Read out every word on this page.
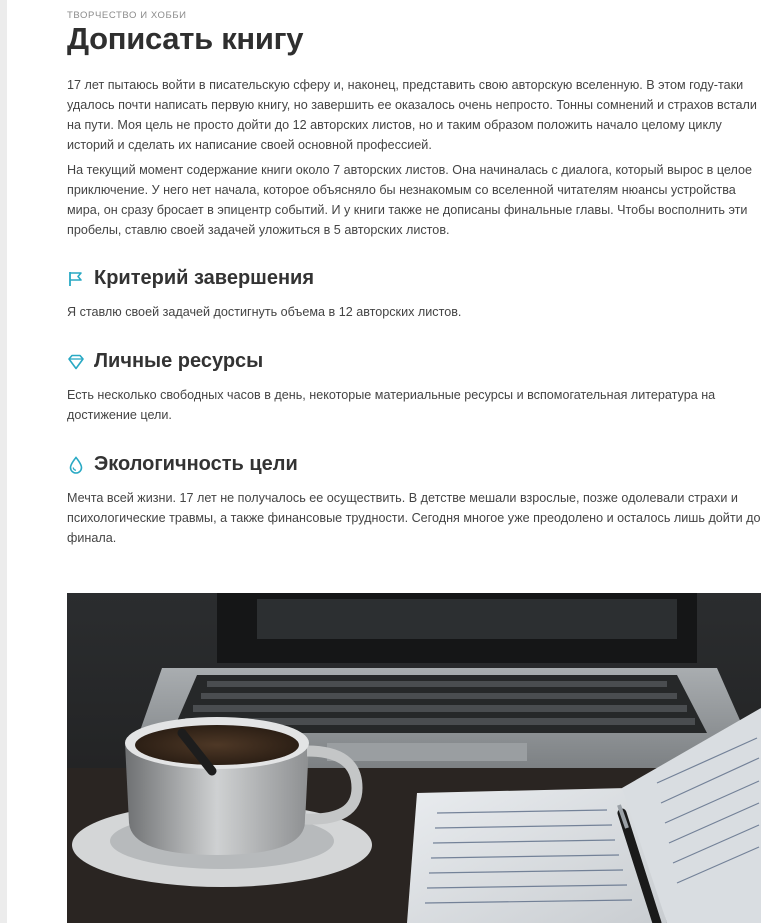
ТВОРЧЕСТВО И ХОББИ
Дописать книгу
17 лет пытаюсь войти в писательскую сферу и, наконец, представить свою авторскую вселенную. В этом году-таки удалось почти написать первую книгу, но завершить ее оказалось очень непросто. Тонны сомнений и страхов встали на пути. Моя цель не просто дойти до 12 авторских листов, но и таким образом положить начало целому циклу историй и сделать их написание своей основной профессией.
На текущий момент содержание книги около 7 авторских листов. Она начиналась с диалога, который вырос в целое приключение. У него нет начала, которое объясняло бы незнакомым со вселенной читателям нюансы устройства мира, он сразу бросает в эпицентр событий. И у книги также не дописаны финальные главы. Чтобы восполнить эти пробелы, ставлю своей задачей уложиться в 5 авторских листов.
Критерий завершения
Я ставлю своей задачей достигнуть объема в 12 авторских листов.
Личные ресурсы
Есть несколько свободных часов в день, некоторые материальные ресурсы и вспомогательная литература на достижение цели.
Экологичность цели
Мечта всей жизни. 17 лет не получалось ее осуществить. В детстве мешали взрослые, позже одолевали страхи и психологические травмы, а также финансовые трудности. Сегодня многое уже преодолено и осталось лишь дойти до финала.
